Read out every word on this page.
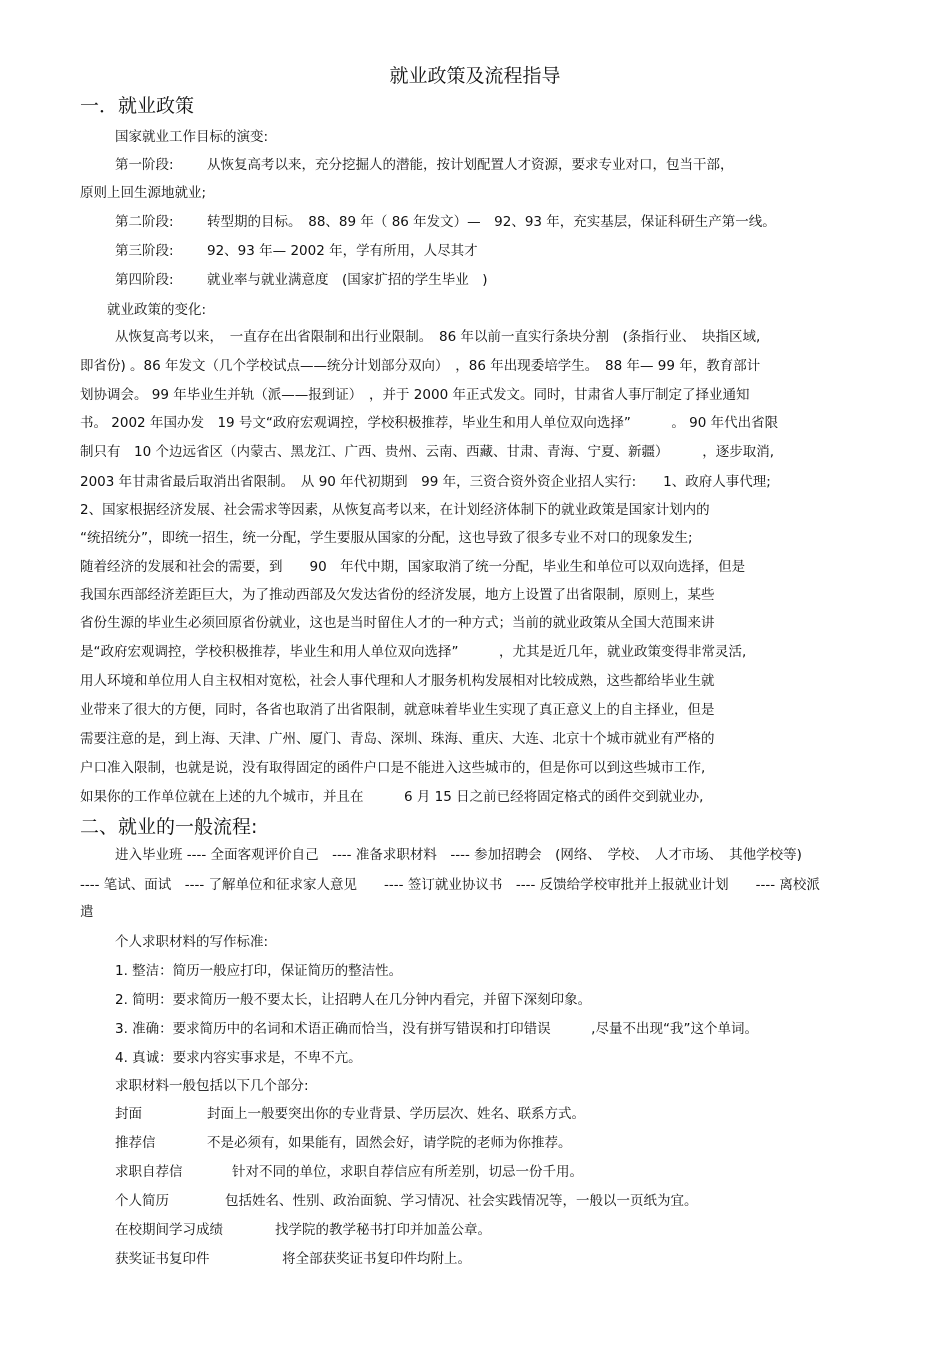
就业政策及流程指导
一．就业政策
国家就业工作目标的演变:
第一阶段: 从恢复高考以来，充分挖掘人的潜能，按计划配置人才资源，要求专业对口，包当干部，
原则上回生源地就业;
第二阶段: 转型期的目标。　88、89 年（ 86 年发文）—　92、93 年，充实基层，保证科研生产第一线。
第三阶段: 92、93 年— 2002 年，学有所用，人尽其才
第四阶段: 就业率与就业满意度　(国家扩招的学生毕业　)
就业政策的变化:
从恢复高考以来，　一直存在出省限制和出行业限制。　86 年以前一直实行条块分割　(条指行业、　块指区域,
即省份) 。86 年发文（几个学校试点——统分计划部分双向）　，86 年出现委培学生。　88 年— 99 年，教育部计
划协调会。 99 年毕业生并轨（派——报到证）　，并于 2000 年正式发文。同时，甘肃省人事厅制定了择业通知
书。 2002 年国办发　19 号文“政府宏观调控，学校积极推荐，毕业生和用人单位双向选择”　　　。 90 年代出省限
制只有　10 个边远省区（内蒙古、黑龙江、广西、贵州、云南、西藏、甘肃、青海、宁夏、新疆）　　　，逐步取消,
2003 年甘肃省最后取消出省限制。　从 90 年代初期到　99 年，三资合资外资企业招人实行:　　1、政府人事代理;
2、国家根据经济发展、社会需求等因素，从恢复高考以来，在计划经济体制下的就业政策是国家计划内的
“统招统分”，即统一招生，统一分配，学生要服从国家的分配，这也导致了很多专业不对口的现象发生;
随着经济的发展和社会的需要，到　　90　年代中期，国家取消了统一分配，毕业生和单位可以双向选择，但是
我国东西部经济差距巨大，为了推动西部及欠发达省份的经济发展，地方上设置了出省限制，原则上，某些
省份生源的毕业生必须回原省份就业，这也是当时留住人才的一种方式；当前的就业政策从全国大范围来讲
是“政府宏观调控，学校积极推荐，毕业生和用人单位双向选择”　　　，尤其是近几年，就业政策变得非常灵活,
用人环境和单位用人自主权相对宽松，社会人事代理和人才服务机构发展相对比较成熟，这些都给毕业生就
业带来了很大的方便，同时，各省也取消了出省限制，就意味着毕业生实现了真正意义上的自主择业，但是
需要注意的是，到上海、天津、广州、厦门、青岛、深圳、珠海、重庆、大连、北京十个城市就业有严格的
户口准入限制，也就是说，没有取得固定的函件户口是不能进入这些城市的，但是你可以到这些城市工作,
如果你的工作单位就在上述的九个城市，并且在　　　6 月 15 日之前已经将固定格式的函件交到就业办,
二、就业的一般流程:
进入毕业班 ---- 全面客观评价自己　---- 准备求职材料　---- 参加招聘会　(网络、　学校、　人才市场、　其他学校等)
---- 笔试、面试　---- 了解单位和征求家人意见　　---- 签订就业协议书　---- 反馈给学校审批并上报就业计划　　---- 离校派
遣
个人求职材料的写作标准:
1. 整洁：简历一般应打印，保证简历的整洁性。
2. 简明：要求简历一般不要太长，让招聘人在几分钟内看完，并留下深刻印象。
3. 准确：要求简历中的名词和术语正确而恰当，没有拼写错误和打印错误　　　,尽量不出现“我”这个单词。
4. 真诚：要求内容实事求是，不卑不亢。
求职材料一般包括以下几个部分:
封面	封面上一般要突出你的专业背景、学历层次、姓名、联系方式。
推荐信	不是必须有，如果能有，固然会好，请学院的老师为你推荐。
求职自荐信	针对不同的单位，求职自荐信应有所差别，切忌一份千用。
个人简历	包括姓名、性别、政治面貌、学习情况、社会实践情况等，一般以一页纸为宜。
在校期间学习成绩	找学院的教学秘书打印并加盖公章。
获奖证书复印件	将全部获奖证书复印件均附上。
